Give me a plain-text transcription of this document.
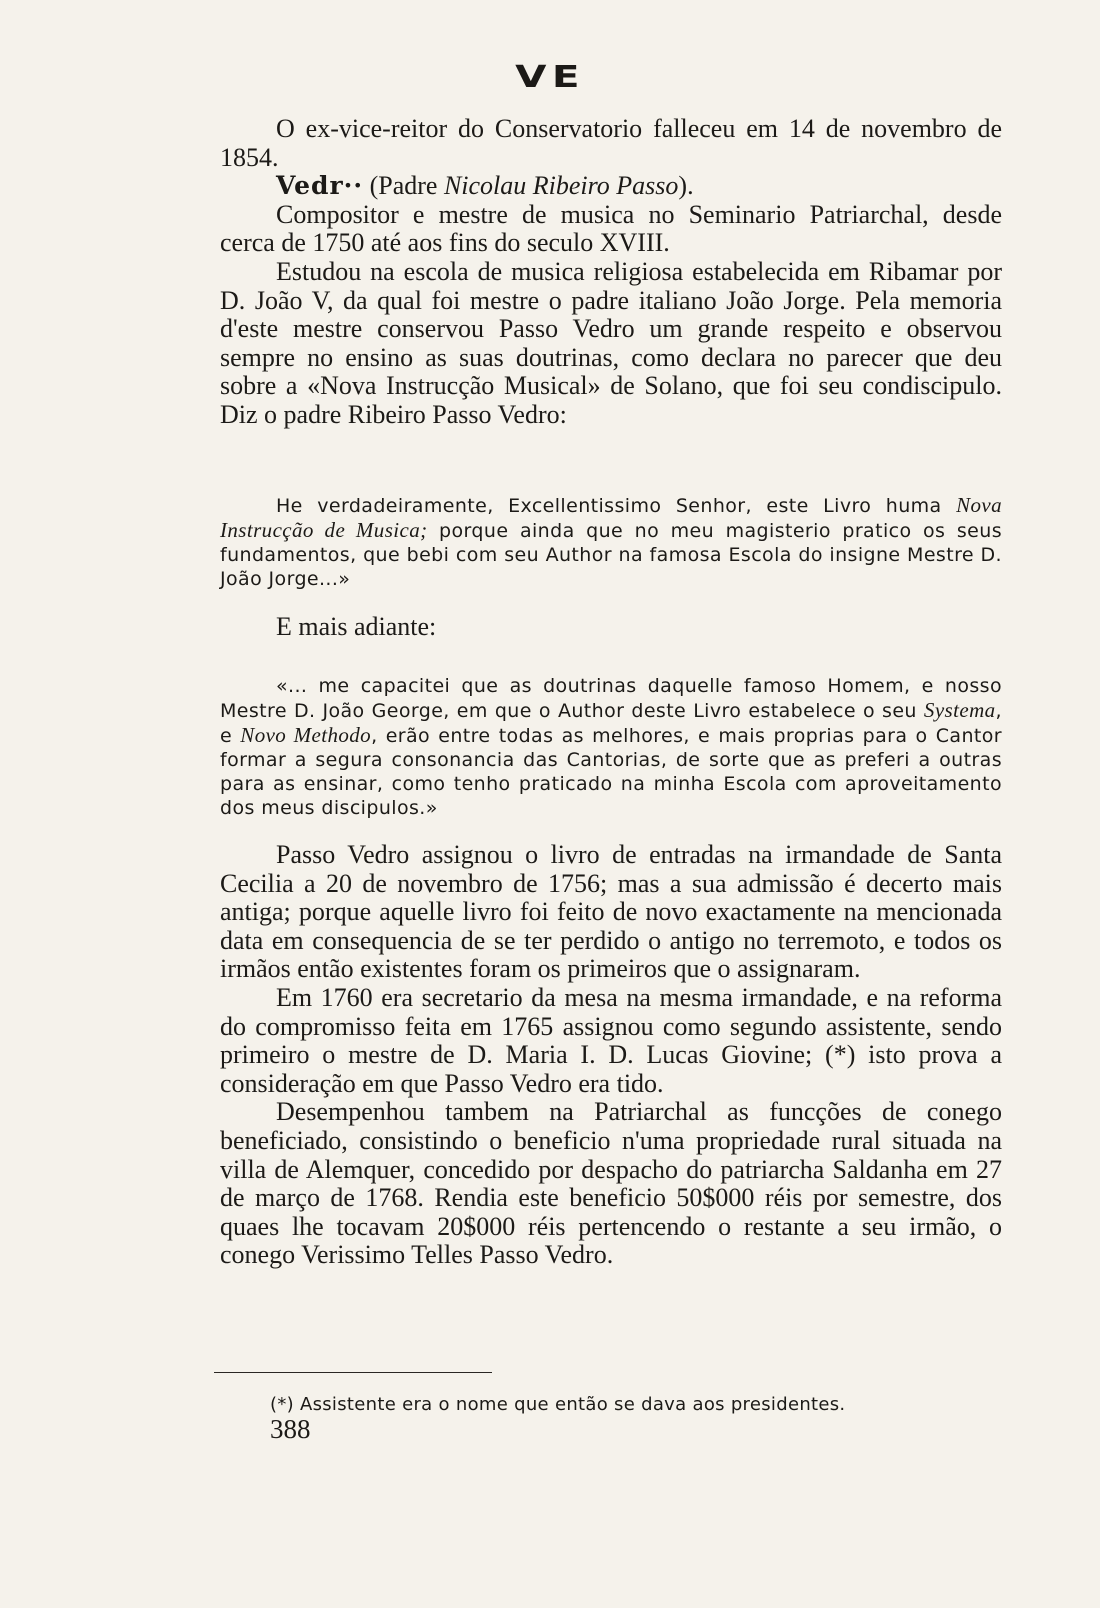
VE

O ex-vice-reitor do Conservatorio falleceu em 14 de novembro de 1854.

Vedr·· (Padre Nicolau Ribeiro Passo).

Compositor e mestre de musica no Seminario Patriarchal, desde cerca de 1750 até aos fins do seculo XVIII.

Estudou na escola de musica religiosa estabelecida em Ribamar por D. João V, da qual foi mestre o padre italiano João Jorge. Pela memoria d'este mestre conservou Passo Vedro um grande respeito e observou sempre no ensino as suas doutrinas, como declara no parecer que deu sobre a «Nova Instrucção Musical» de Solano, que foi seu condiscipulo. Diz o padre Ribeiro Passo Vedro:

He verdadeiramente, Excellentissimo Senhor, este Livro huma Nova Instrucção de Musica; porque ainda que no meu magisterio pratico os seus fundamentos, que bebi com seu Author na famosa Escola do insigne Mestre D. João Jorge...»

E mais adiante:

«... me capacitei que as doutrinas daquelle famoso Homem, e nosso Mestre D. João George, em que o Author deste Livro estabelece o seu Systema, e Novo Methodo, erão entre todas as melhores, e mais proprias para o Cantor formar a segura consonancia das Cantorias, de sorte que as preferi a outras para as ensinar, como tenho praticado na minha Escola com aproveitamento dos meus discipulos.»

Passo Vedro assignou o livro de entradas na irmandade de Santa Cecilia a 20 de novembro de 1756; mas a sua admissão é decerto mais antiga; porque aquelle livro foi feito de novo exactamente na mencionada data em consequencia de se ter perdido o antigo no terremoto, e todos os irmãos então existentes foram os primeiros que o assignaram.

Em 1760 era secretario da mesa na mesma irmandade, e na reforma do compromisso feita em 1765 assignou como segundo assistente, sendo primeiro o mestre de D. Maria I. D. Lucas Giovine; (*) isto prova a consideração em que Passo Vedro era tido.

Desempenhou tambem na Patriarchal as funcções de conego beneficiado, consistindo o beneficio n'uma propriedade rural situada na villa de Alemquer, concedido por despacho do patriarcha Saldanha em 27 de março de 1768. Rendia este beneficio 50$000 réis por semestre, dos quaes lhe tocavam 20$000 réis pertencendo o restante a seu irmão, o conego Verissimo Telles Passo Vedro.

(*) Assistente era o nome que então se dava aos presidentes.
388
